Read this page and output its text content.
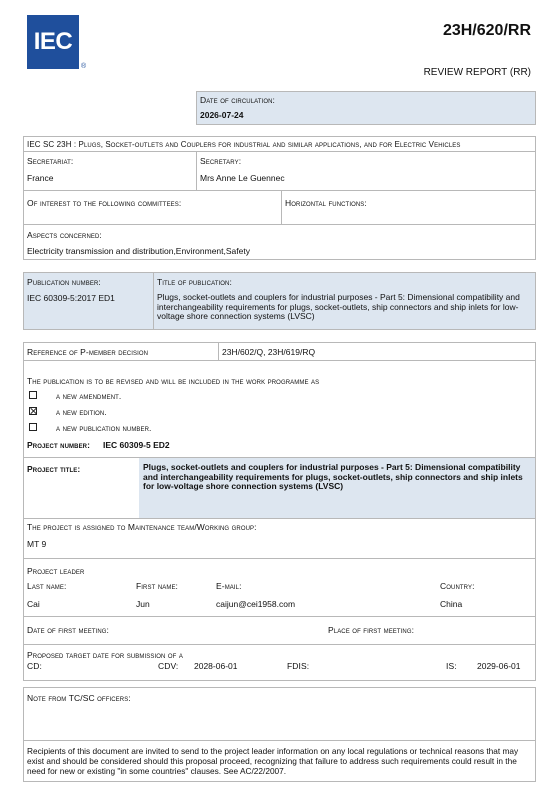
IEC
®
23H/620/RR
REVIEW REPORT (RR)
Date of circulation:
2026-07-24
IEC SC 23H : Plugs, Socket-outlets and Couplers for industrial and similar applications, and for Electric Vehicles
Secretariat:
France
Secretary:
Mrs Anne Le Guennec
Of interest to the following committees:	Horizontal functions:
Aspects concerned:
Electricity transmission and distribution,Environment,Safety
Publication number:
IEC 60309-5:2017 ED1
Title of publication:
Plugs, socket-outlets and couplers for industrial purposes - Part 5: Dimensional compatibility and interchangeability requirements for plugs, socket-outlets, ship connectors and ship inlets for low-voltage shore connection systems (LVSC)
Reference of P-member decision	23H/602/Q, 23H/619/RQ
The publication is to be revised and will be included in the work programme as
a new amendment.
a new edition.
a new publication number.
Project number: IEC 60309-5 ED2
Project title:	Plugs, socket-outlets and couplers for industrial purposes - Part 5: Dimensional compatibility and interchangeability requirements for plugs, socket-outlets, ship connectors and ship inlets for low-voltage shore connection systems (LVSC)
The project is assigned to Maintenance team/Working group:
MT 9
Project leader
Last name:	First name:	E-mail:	Country:
Cai	Jun	caijun@cei1958.com	China
Date of first meeting:	Place of first meeting:
Proposed target date for submission of a
CD:	CDV: 2028-06-01	FDIS:	IS: 2029-06-01
Note from TC/SC officers:
Recipients of this document are invited to send to the project leader information on any local regulations or technical reasons that may exist and should be considered should this proposal proceed, recognizing that failure to address such requirements could result in the need for new or existing "in some countries" clauses. See AC/22/2007.
